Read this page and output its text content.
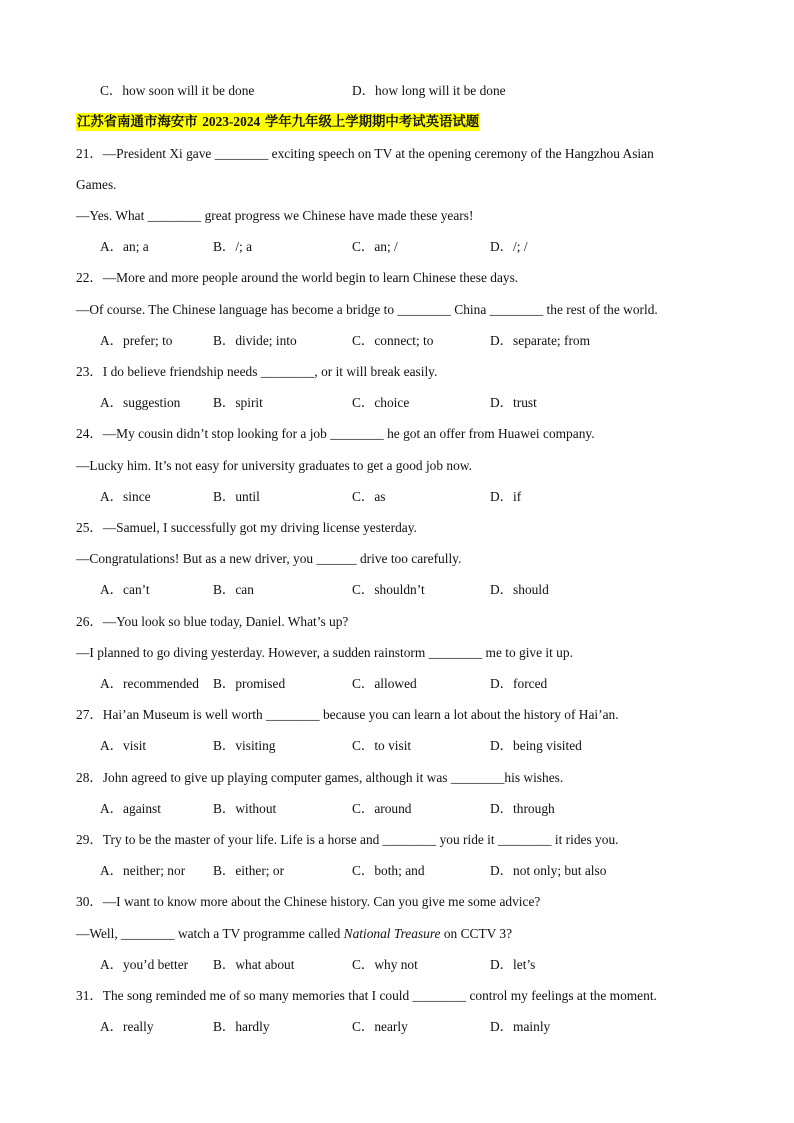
C．how soon will it be done	D．how long will it be done
江苏省南通市海安市 2023-2024 学年九年级上学期期中考试英语试题
21．—President Xi gave ________ exciting speech on TV at the opening ceremony of the Hangzhou Asian
Games.
—Yes. What ________ great progress we Chinese have made these years!
A．an; a	B．/; a	C．an; /	D．/; /
22．—More and more people around the world begin to learn Chinese these days.
—Of course. The Chinese language has become a bridge to ________ China ________ the rest of the world.
A．prefer; to	B．divide; into	C．connect; to	D．separate; from
23．I do believe friendship needs ________, or it will break easily.
A．suggestion B．spirit	C．choice	D．trust
24．—My cousin didn’t stop looking for a job ________ he got an offer from Huawei company.
—Lucky him. It’s not easy for university graduates to get a good job now.
A．since	B．until	C．as	D．if
25．—Samuel, I successfully got my driving license yesterday.
—Congratulations! But as a new driver, you ______ drive too carefully.
A．can’t	B．can	C．shouldn’t	D．should
26．—You look so blue today, Daniel. What’s up?
—I planned to go diving yesterday. However, a sudden rainstorm ________ me to give it up.
A．recommended B．promised	C．allowed	D．forced
27．Hai’an Museum is well worth ________ because you can learn a lot about the history of Hai’an.
A．visit	B．visiting	C．to visit	D．being visited
28．John agreed to give up playing computer games, although it was ________his wishes.
A．against	B．without	C．around	D．through
29．Try to be the master of your life. Life is a horse and ________ you ride it ________ it rides you.
A．neither; nor B．either; or	C．both; and	D．not only; but also
30．—I want to know more about the Chinese history. Can you give me some advice?
—Well, ________ watch a TV programme called National Treasure on CCTV 3?
A．you’d better B．what about	C．why not	D．let’s
31．The song reminded me of so many memories that I could ________ control my feelings at the moment.
A．really	B．hardly	C．nearly	D．mainly
